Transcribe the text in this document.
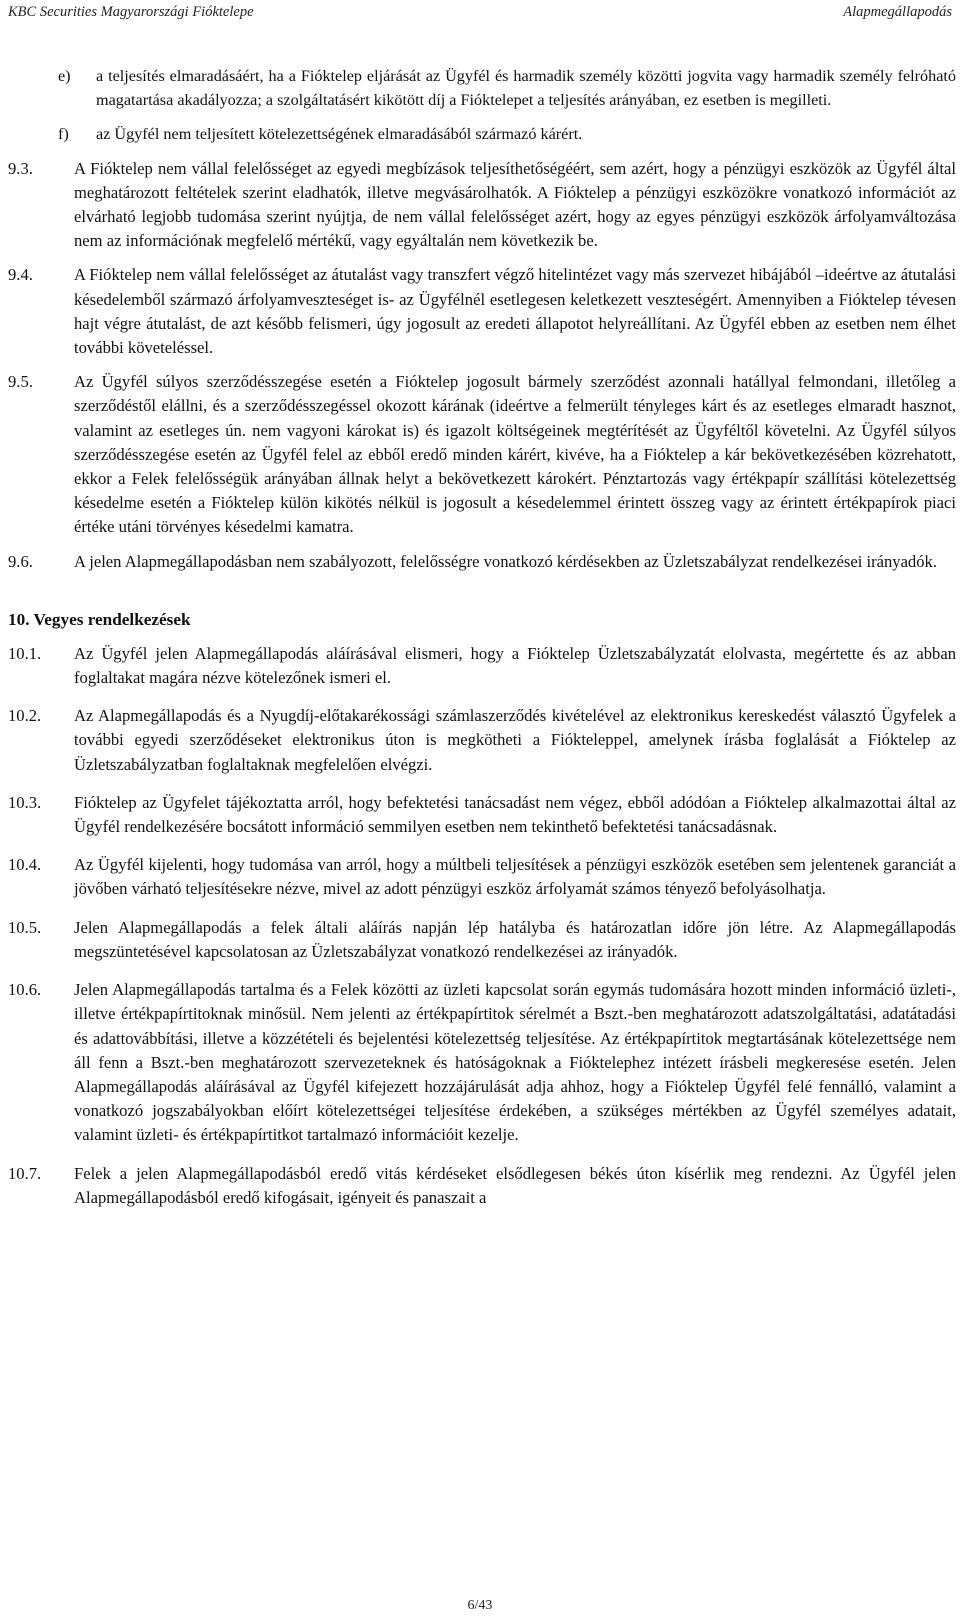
KBC Securities Magyarországi Fióktelepe	Alapmegállapodás

e) a teljesítés elmaradásáért, ha a Fióktelep eljárását az Ügyfél és harmadik személy közötti jogvita vagy harmadik személy felróható magatartása akadályozza; a szolgáltatásért kikötött díj a Fióktelepet a teljesítés arányában, ez esetben is megilleti.

f) az Ügyfél nem teljesített kötelezettségének elmaradásából származó kárért.

9.3. A Fióktelep nem vállal felelősséget az egyedi megbízások teljesíthetőségéért, sem azért, hogy a pénzügyi eszközök az Ügyfél által meghatározott feltételek szerint eladhatók, illetve megvásárolhatók. A Fióktelep a pénzügyi eszközökre vonatkozó információt az elvárható legjobb tudomása szerint nyújtja, de nem vállal felelősséget azért, hogy az egyes pénzügyi eszközök árfolyamváltozása nem az információnak megfelelő mértékű, vagy egyáltalán nem következik be.

9.4. A Fióktelep nem vállal felelősséget az átutalást vagy transzfert végző hitelintézet vagy más szervezet hibájából –ideértve az átutalási késedelemből származó árfolyamveszteséget is- az Ügyfélnél esetlegesen keletkezett veszteségért. Amennyiben a Fióktelep tévesen hajt végre átutalást, de azt később felismeri, úgy jogosult az eredeti állapotot helyreállítani. Az Ügyfél ebben az esetben nem élhet további követeléssel.

9.5. Az Ügyfél súlyos szerződésszegése esetén a Fióktelep jogosult bármely szerződést azonnali hatállyal felmondani, illetőleg a szerződéstől elállni, és a szerződésszegéssel okozott kárának (ideértve a felmerült tényleges kárt és az esetleges elmaradt hasznot, valamint az esetleges ún. nem vagyoni károkat is) és igazolt költségeinek megtérítését az Ügyféltől követelni. Az Ügyfél súlyos szerződésszegése esetén az Ügyfél felel az ebből eredő minden kárért, kivéve, ha a Fióktelep a kár bekövetkezésében közrehatott, ekkor a Felek felelősségük arányában állnak helyt a bekövetkezett károkért. Pénztartozás vagy értékpapír szállítási kötelezettség késedelme esetén a Fióktelep külön kikötés nélkül is jogosult a késedelemmel érintett összeg vagy az érintett értékpapírok piaci értéke utáni törvényes késedelmi kamatra.

9.6. A jelen Alapmegállapodásban nem szabályozott, felelősségre vonatkozó kérdésekben az Üzletszabályzat rendelkezései irányadók.

10. Vegyes rendelkezések

10.1. Az Ügyfél jelen Alapmegállapodás aláírásával elismeri, hogy a Fióktelep Üzletszabályzatát elolvasta, megértette és az abban foglaltakat magára nézve kötelezőnek ismeri el.

10.2. Az Alapmegállapodás és a Nyugdíj-előtakarékossági számlaszerződés kivételével az elektronikus kereskedést választó Ügyfelek a további egyedi szerződéseket elektronikus úton is megkötheti a Fiókteleppel, amelynek írásba foglalását a Fióktelep az Üzletszabályzatban foglaltaknak megfelelően elvégzi.

10.3. Fióktelep az Ügyfelet tájékoztatta arról, hogy befektetési tanácsadást nem végez, ebből adódóan a Fióktelep alkalmazottai által az Ügyfél rendelkezésére bocsátott információ semmilyen esetben nem tekinthető befektetési tanácsadásnak.

10.4. Az Ügyfél kijelenti, hogy tudomása van arról, hogy a múltbeli teljesítések a pénzügyi eszközök esetében sem jelentenek garanciát a jövőben várható teljesítésekre nézve, mivel az adott pénzügyi eszköz árfolyamát számos tényező befolyásolhatja.

10.5. Jelen Alapmegállapodás a felek általi aláírás napján lép hatályba és határozatlan időre jön létre. Az Alapmegállapodás megszüntetésével kapcsolatosan az Üzletszabályzat vonatkozó rendelkezései az irányadók.

10.6. Jelen Alapmegállapodás tartalma és a Felek közötti az üzleti kapcsolat során egymás tudomására hozott minden információ üzleti-, illetve értékpapírtitoknak minősül. Nem jelenti az értékpapírtitok sérelmét a Bszt.-ben meghatározott adatszolgáltatási, adatátadási és adattovábbítási, illetve a közzétételi és bejelentési kötelezettség teljesítése. Az értékpapírtitok megtartásának kötelezettsége nem áll fenn a Bszt.-ben meghatározott szervezeteknek és hatóságoknak a Fióktelephez intézett írásbeli megkeresése esetén. Jelen Alapmegállapodás aláírásával az Ügyfél kifejezett hozzájárulását adja ahhoz, hogy a Fióktelep Ügyfél felé fennálló, valamint a vonatkozó jogszabályokban előírt kötelezettségei teljesítése érdekében, a szükséges mértékben az Ügyfél személyes adatait, valamint üzleti- és értékpapírtitkot tartalmazó információit kezelje.

10.7. Felek a jelen Alapmegállapodásból eredő vitás kérdéseket elsődlegesen békés úton kísérlik meg rendezni. Az Ügyfél jelen Alapmegállapodásból eredő kifogásait, igényeit és panaszait a

6/43
